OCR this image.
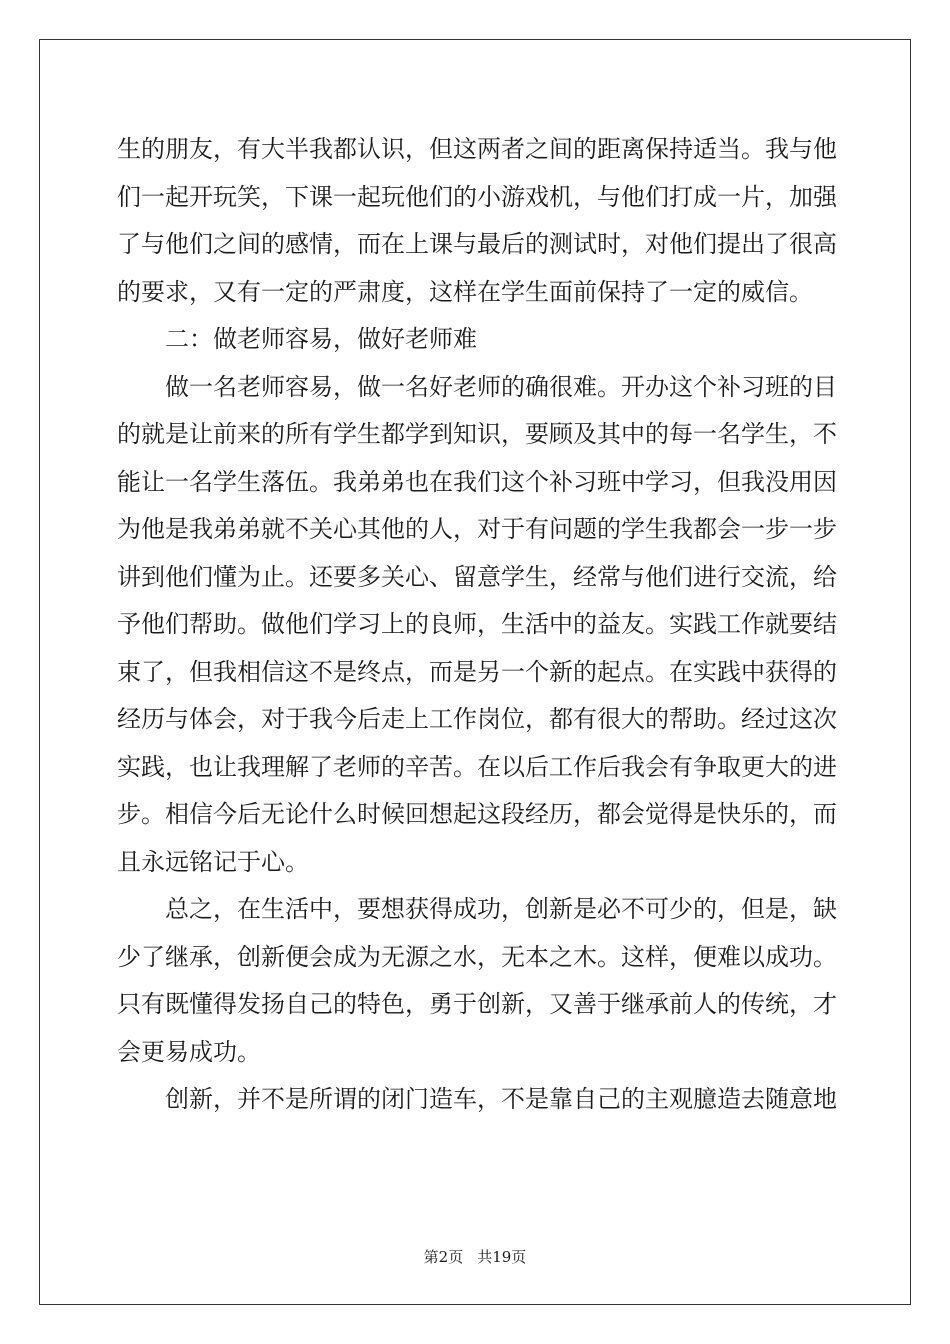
生的朋友，有大半我都认识，但这两者之间的距离保持适当。我与他
们一起开玩笑，下课一起玩他们的小游戏机，与他们打成一片，加强
了与他们之间的感情，而在上课与最后的测试时，对他们提出了很高
的要求，又有一定的严肃度，这样在学生面前保持了一定的威信。
二：做老师容易，做好老师难
做一名老师容易，做一名好老师的确很难。开办这个补习班的目
的就是让前来的所有学生都学到知识，要顾及其中的每一名学生，不
能让一名学生落伍。我弟弟也在我们这个补习班中学习，但我没用因
为他是我弟弟就不关心其他的人，对于有问题的学生我都会一步一步
讲到他们懂为止。还要多关心、留意学生，经常与他们进行交流，给
予他们帮助。做他们学习上的良师，生活中的益友。实践工作就要结
束了，但我相信这不是终点，而是另一个新的起点。在实践中获得的
经历与体会，对于我今后走上工作岗位，都有很大的帮助。经过这次
实践，也让我理解了老师的辛苦。在以后工作后我会有争取更大的进
步。相信今后无论什么时候回想起这段经历，都会觉得是快乐的，而
且永远铭记于心。
总之，在生活中，要想获得成功，创新是必不可少的，但是，缺
少了继承，创新便会成为无源之水，无本之木。这样，便难以成功。
只有既懂得发扬自己的特色，勇于创新，又善于继承前人的传统，才
会更易成功。
创新，并不是所谓的闭门造车，不是靠自己的主观臆造去随意地
第2页 共19页
